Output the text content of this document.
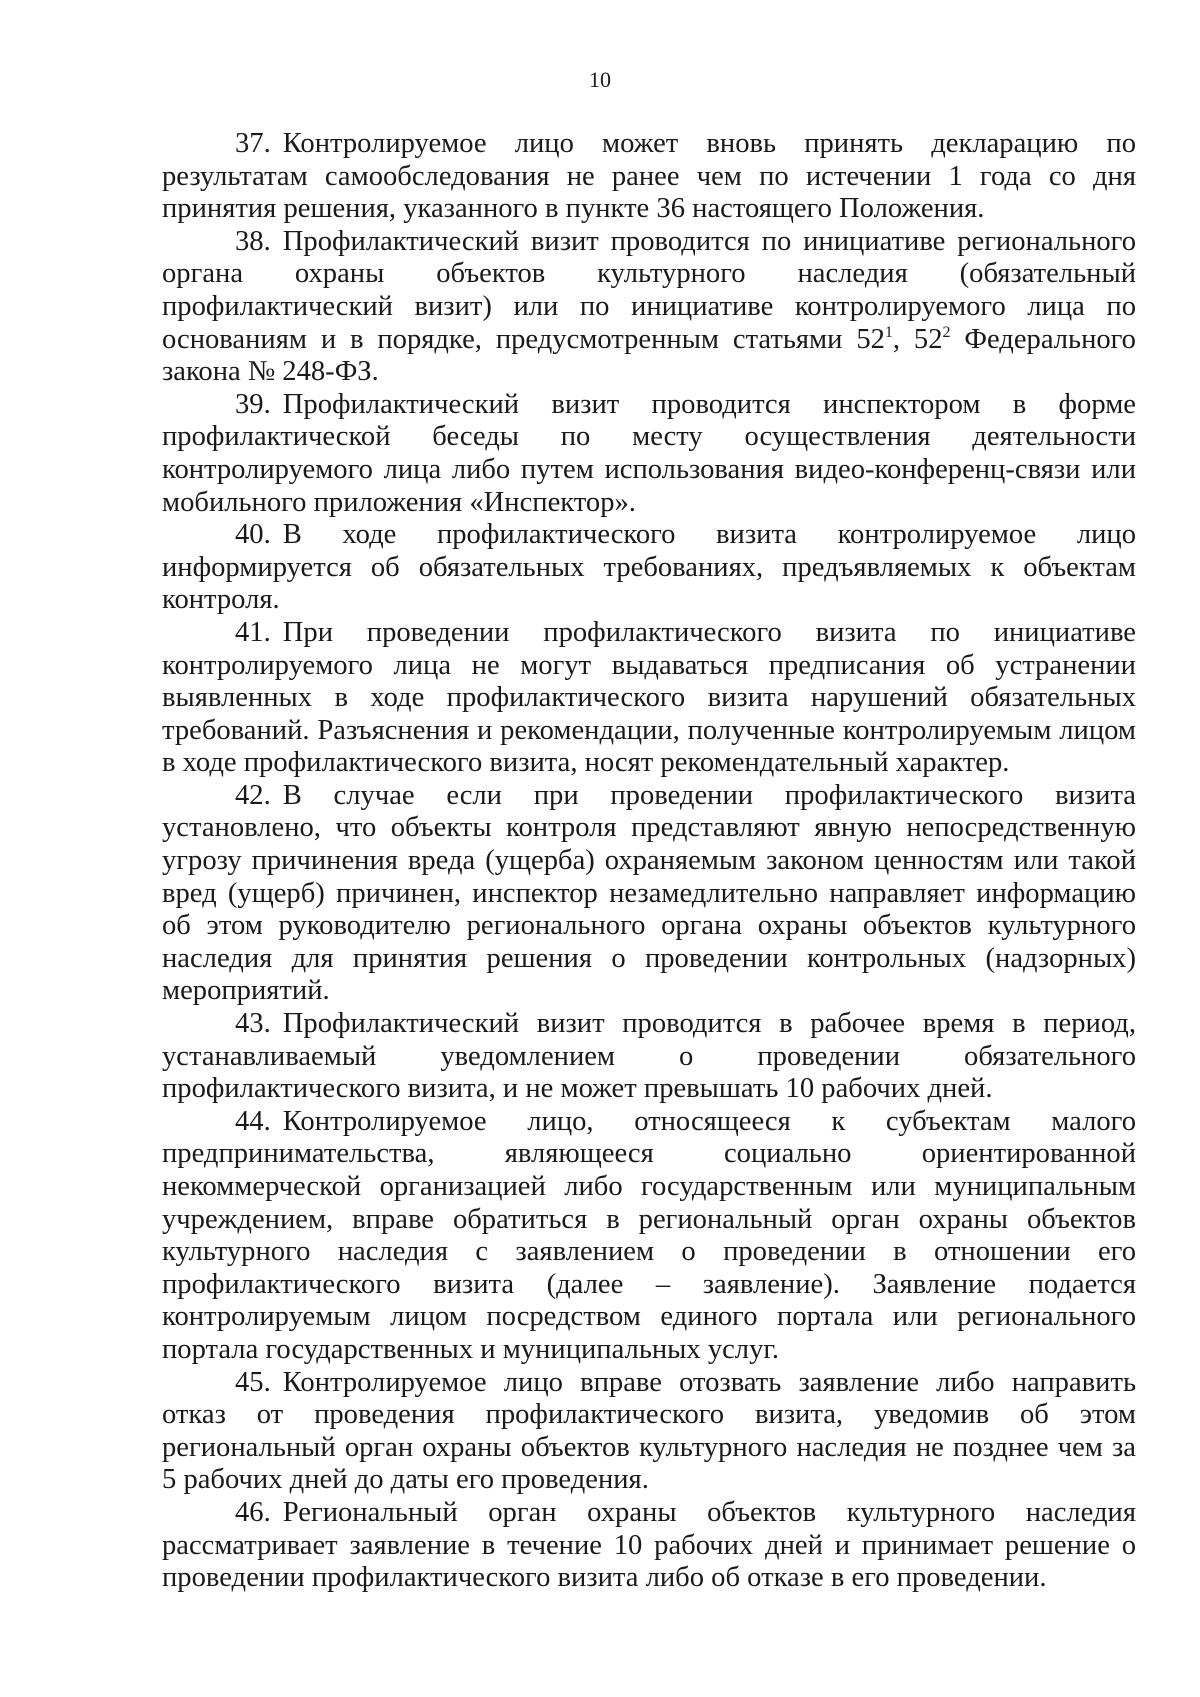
10

37. Контролируемое лицо может вновь принять декларацию по результатам самообследования не ранее чем по истечении 1 года со дня принятия решения, указанного в пункте 36 настоящего Положения.

38. Профилактический визит проводится по инициативе регионального органа охраны объектов культурного наследия (обязательный профилактический визит) или по инициативе контролируемого лица по основаниям и в порядке, предусмотренным статьями $52^1$, $52^2$ Федерального закона № 248-ФЗ.

39. Профилактический визит проводится инспектором в форме профилактической беседы по месту осуществления деятельности контролируемого лица либо путем использования видео-конференц-связи или мобильного приложения «Инспектор».

40. В ходе профилактического визита контролируемое лицо информируется об обязательных требованиях, предъявляемых к объектам контроля.

41. При проведении профилактического визита по инициативе контролируемого лица не могут выдаваться предписания об устранении выявленных в ходе профилактического визита нарушений обязательных требований. Разъяснения и рекомендации, полученные контролируемым лицом в ходе профилактического визита, носят рекомендательный характер.

42. В случае если при проведении профилактического визита установлено, что объекты контроля представляют явную непосредственную угрозу причинения вреда (ущерба) охраняемым законом ценностям или такой вред (ущерб) причинен, инспектор незамедлительно направляет информацию об этом руководителю регионального органа охраны объектов культурного наследия для принятия решения о проведении контрольных (надзорных) мероприятий.

43. Профилактический визит проводится в рабочее время в период, устанавливаемый уведомлением о проведении обязательного профилактического визита, и не может превышать 10 рабочих дней.

44. Контролируемое лицо, относящееся к субъектам малого предпринимательства, являющееся социально ориентированной некоммерческой организацией либо государственным или муниципальным учреждением, вправе обратиться в региональный орган охраны объектов культурного наследия с заявлением о проведении в отношении его профилактического визита (далее – заявление). Заявление подается контролируемым лицом посредством единого портала или регионального портала государственных и муниципальных услуг.

45. Контролируемое лицо вправе отозвать заявление либо направить отказ от проведения профилактического визита, уведомив об этом региональный орган охраны объектов культурного наследия не позднее чем за 5 рабочих дней до даты его проведения.

46. Региональный орган охраны объектов культурного наследия рассматривает заявление в течение 10 рабочих дней и принимает решение о проведении профилактического визита либо об отказе в его проведении.
